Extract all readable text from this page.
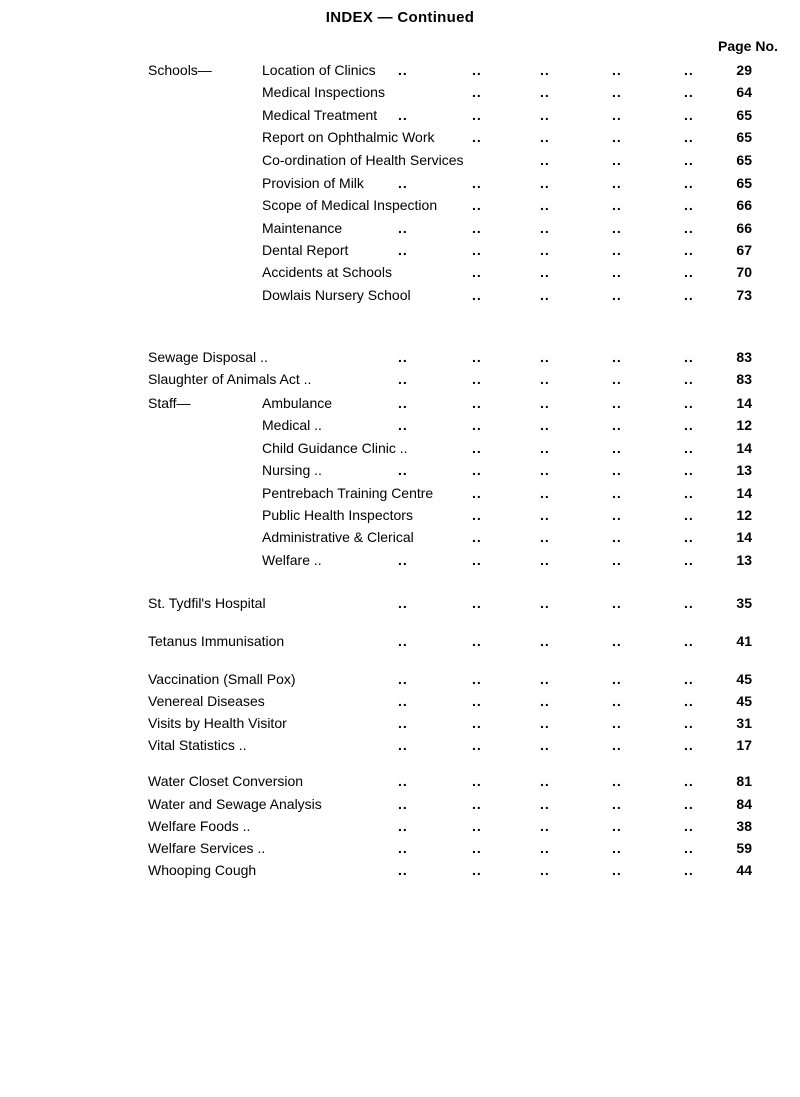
INDEX — Continued
Page No.
Schools—	Location of Clinics ..	..	..	..	..	29
Medical Inspections	..	..	..	..	64
Medical Treatment ..	..	..	..	..	65
Report on Ophthalmic Work	..	..	..	..	65
Co-ordination of Health Services	..	..	..	65
Provision of Milk ..	..	..	..	..	65
Scope of Medical Inspection ..	..	..	..	66
Maintenance	..	..	..	..	..	66
Dental Report	..	..	..	..	..	67
Accidents at Schools	..	..	..	..	70
Dowlais Nursery School	..	..	..	..	73
Sewage Disposal ..	..	..	..	..	..	83
Slaughter of Animals Act ..	..	..	..	..	..	83
Staff—	Ambulance	..	..	..	..	..	14
Medical ..	..	..	..	..	..	12
Child Guidance Clinic ..	..	..	..	..	14
Nursing ..	..	..	..	..	..	13
Pentrebach Training Centre	..	..	..	..	14
Public Health Inspectors	..	..	..	..	12
Administrative & Clerical	..	..	..	..	14
Welfare ..	..	..	..	..	..	13
St. Tydfil's Hospital	..	..	..	..	..	35
Tetanus Immunisation	..	..	..	..	..	41
Vaccination (Small Pox)	..	..	..	..	..	45
Venereal Diseases	..	..	..	..	..	45
Visits by Health Visitor	..	..	..	..	..	31
Vital Statistics ..	..	..	..	..	..	17
Water Closet Conversion	..	..	..	..	..	81
Water and Sewage Analysis	..	..	..	..	..	84
Welfare Foods ..	..	..	..	..	..	38
Welfare Services ..	..	..	..	..	..	59
Whooping Cough	..	..	..	..	..	44
